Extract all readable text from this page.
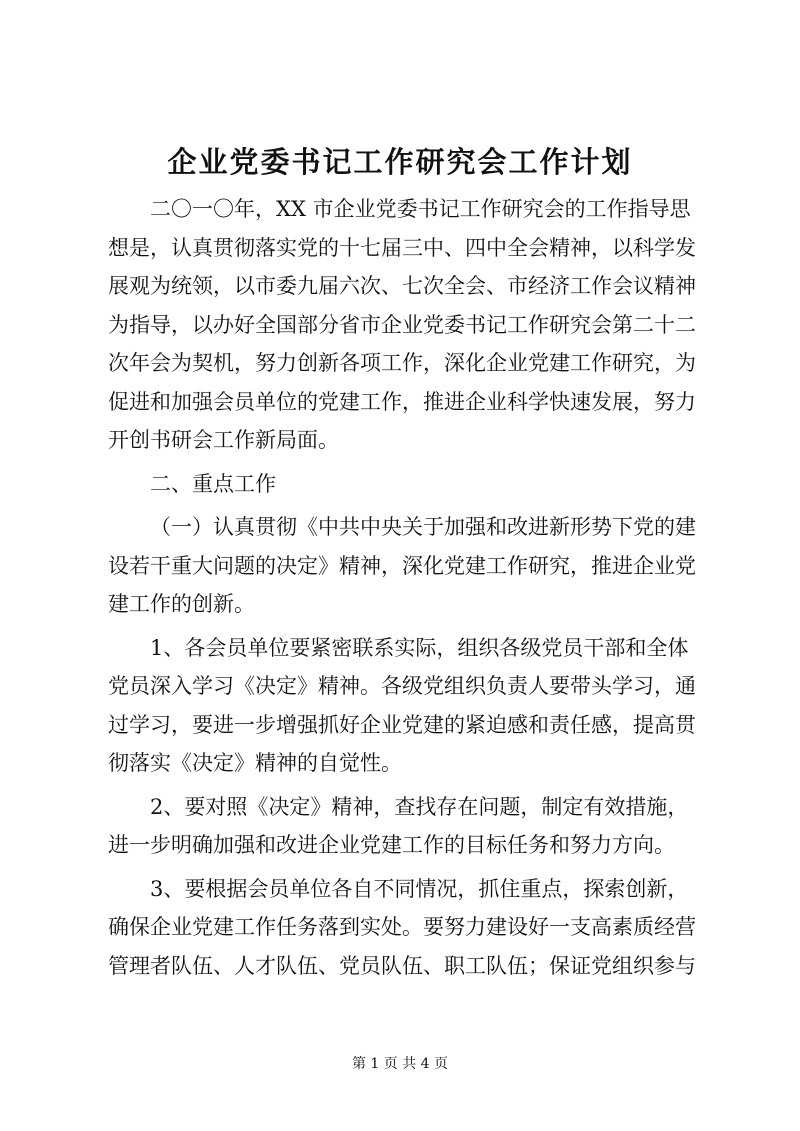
企业党委书记工作研究会工作计划
二〇一〇年，XX 市企业党委书记工作研究会的工作指导思
想是，认真贯彻落实党的十七届三中、四中全会精神，以科学发
展观为统领，以市委九届六次、七次全会、市经济工作会议精神
为指导，以办好全国部分省市企业党委书记工作研究会第二十二
次年会为契机，努力创新各项工作，深化企业党建工作研究，为
促进和加强会员单位的党建工作，推进企业科学快速发展，努力
开创书研会工作新局面。
二、重点工作
（一）认真贯彻《中共中央关于加强和改进新形势下党的建
设若干重大问题的决定》精神，深化党建工作研究，推进企业党
建工作的创新。
1、各会员单位要紧密联系实际，组织各级党员干部和全体
党员深入学习《决定》精神。各级党组织负责人要带头学习，通
过学习，要进一步增强抓好企业党建的紧迫感和责任感，提高贯
彻落实《决定》精神的自觉性。
2、要对照《决定》精神，查找存在问题，制定有效措施，
进一步明确加强和改进企业党建工作的目标任务和努力方向。
3、要根据会员单位各自不同情况，抓住重点，探索创新，
确保企业党建工作任务落到实处。要努力建设好一支高素质经营
管理者队伍、人才队伍、党员队伍、职工队伍；保证党组织参与
第 1 页 共 4 页
